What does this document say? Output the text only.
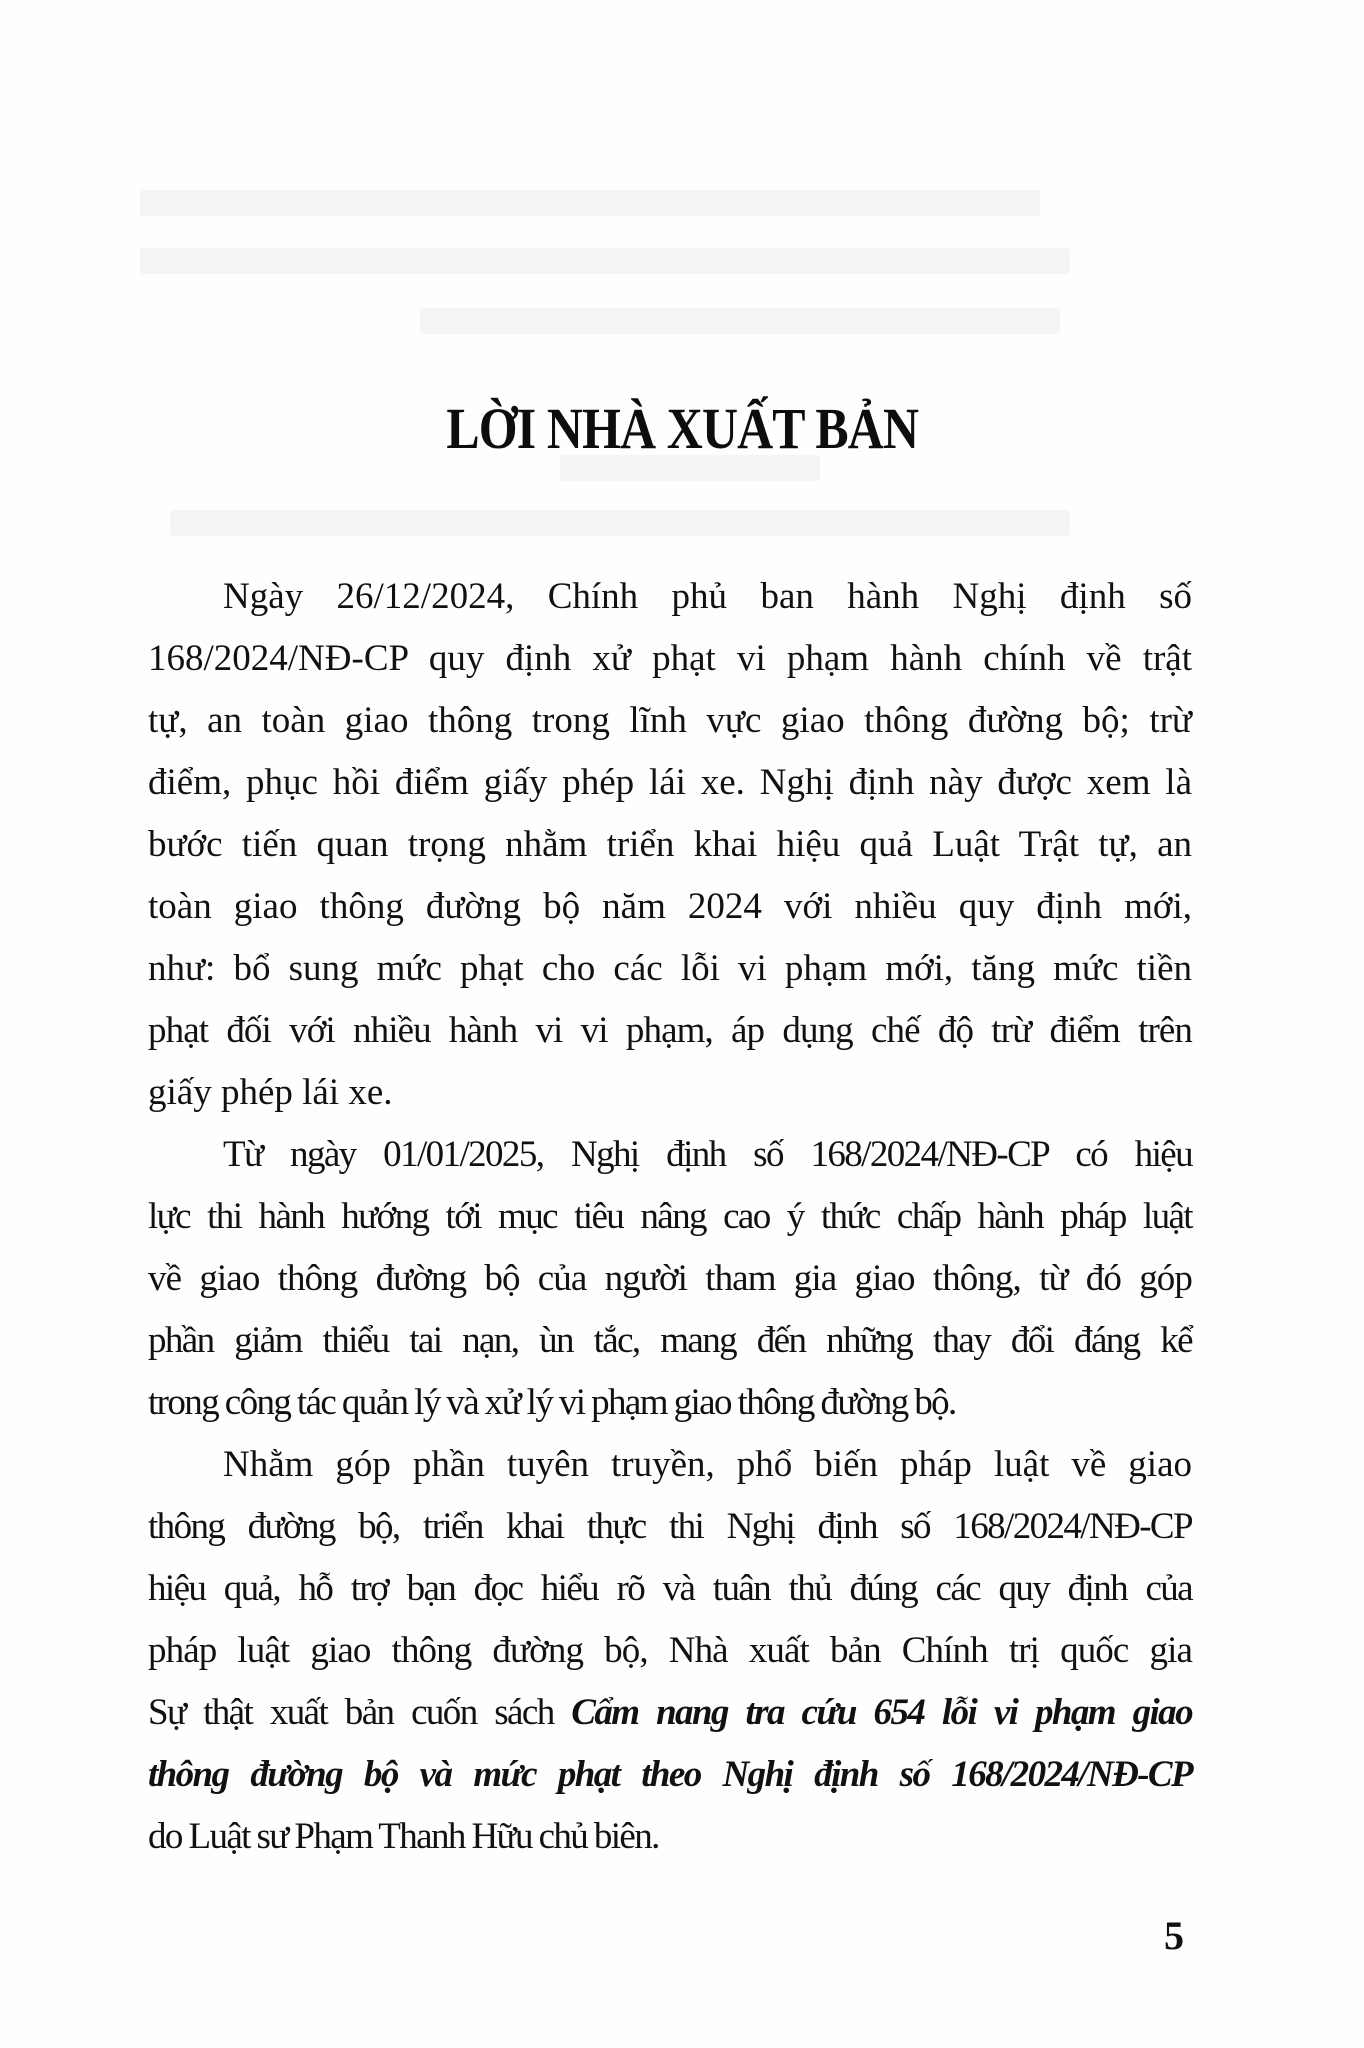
LỜI NHÀ XUẤT BẢN
Ngày 26/12/2024, Chính phủ ban hành Nghị định số
168/2024/NĐ-CP quy định xử phạt vi phạm hành chính về trật
tự, an toàn giao thông trong lĩnh vực giao thông đường bộ; trừ
điểm, phục hồi điểm giấy phép lái xe. Nghị định này được xem là
bước tiến quan trọng nhằm triển khai hiệu quả Luật Trật tự, an
toàn giao thông đường bộ năm 2024 với nhiều quy định mới,
như: bổ sung mức phạt cho các lỗi vi phạm mới, tăng mức tiền
phạt đối với nhiều hành vi vi phạm, áp dụng chế độ trừ điểm trên
giấy phép lái xe.
Từ ngày 01/01/2025, Nghị định số 168/2024/NĐ-CP có hiệu
lực thi hành hướng tới mục tiêu nâng cao ý thức chấp hành pháp luật
về giao thông đường bộ của người tham gia giao thông, từ đó góp
phần giảm thiểu tai nạn, ùn tắc, mang đến những thay đổi đáng kể
trong công tác quản lý và xử lý vi phạm giao thông đường bộ.
Nhằm góp phần tuyên truyền, phổ biến pháp luật về giao
thông đường bộ, triển khai thực thi Nghị định số 168/2024/NĐ-CP
hiệu quả, hỗ trợ bạn đọc hiểu rõ và tuân thủ đúng các quy định của
pháp luật giao thông đường bộ, Nhà xuất bản Chính trị quốc gia
Sự thật xuất bản cuốn sách Cẩm nang tra cứu 654 lỗi vi phạm giao
thông đường bộ và mức phạt theo Nghị định số 168/2024/NĐ-CP
do Luật sư Phạm Thanh Hữu chủ biên.
5
